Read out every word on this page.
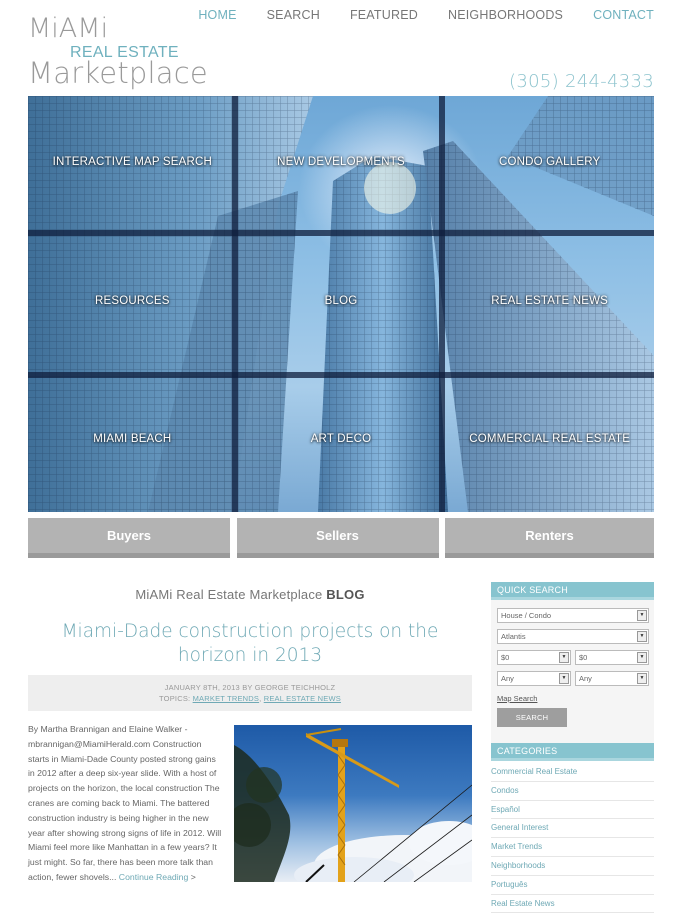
MiAMi
REAL ESTATE
Marketplace
HOME SEARCH FEATURED NEIGHBORHOODS CONTACT
(305) 244-4333
INTERACTIVE MAP SEARCH	NEW DEVELOPMENTS	CONDO GALLERY
RESOURCES	BLOG	REAL ESTATE NEWS
MIAMI BEACH	ART DECO	COMMERCIAL REAL ESTATE
Buyers	Sellers	Renters
MiAMi Real Estate Marketplace BLOG
Miami-Dade construction projects on the horizon in 2013
JANUARY 8TH, 2013 BY GEORGE TEICHHOLZ
TOPICS: MARKET TRENDS, REAL ESTATE NEWS
By Martha Brannigan and Elaine Walker - mbrannigan@MiamiHerald.com Construction starts in Miami-Dade County posted strong gains in 2012 after a deep six-year slide. With a host of projects on the horizon, the local construction The cranes are coming back to Miami. The battered construction industry is being higher in the new year after showing strong signs of life in 2012. Will Miami feel more like Manhattan in a few years? It just might. So far, there has been more talk than action, fewer shovels... Continue Reading >
QUICK SEARCH
House / Condo	▼
Atlantis	▼
$0	▼	$0	▼
Any	▼	Any	▼
Map Search
SEARCH
CATEGORIES
Commercial Real Estate
Condos
Español
General Interest
Market Trends
Neighborhoods
Português
Real Estate News
